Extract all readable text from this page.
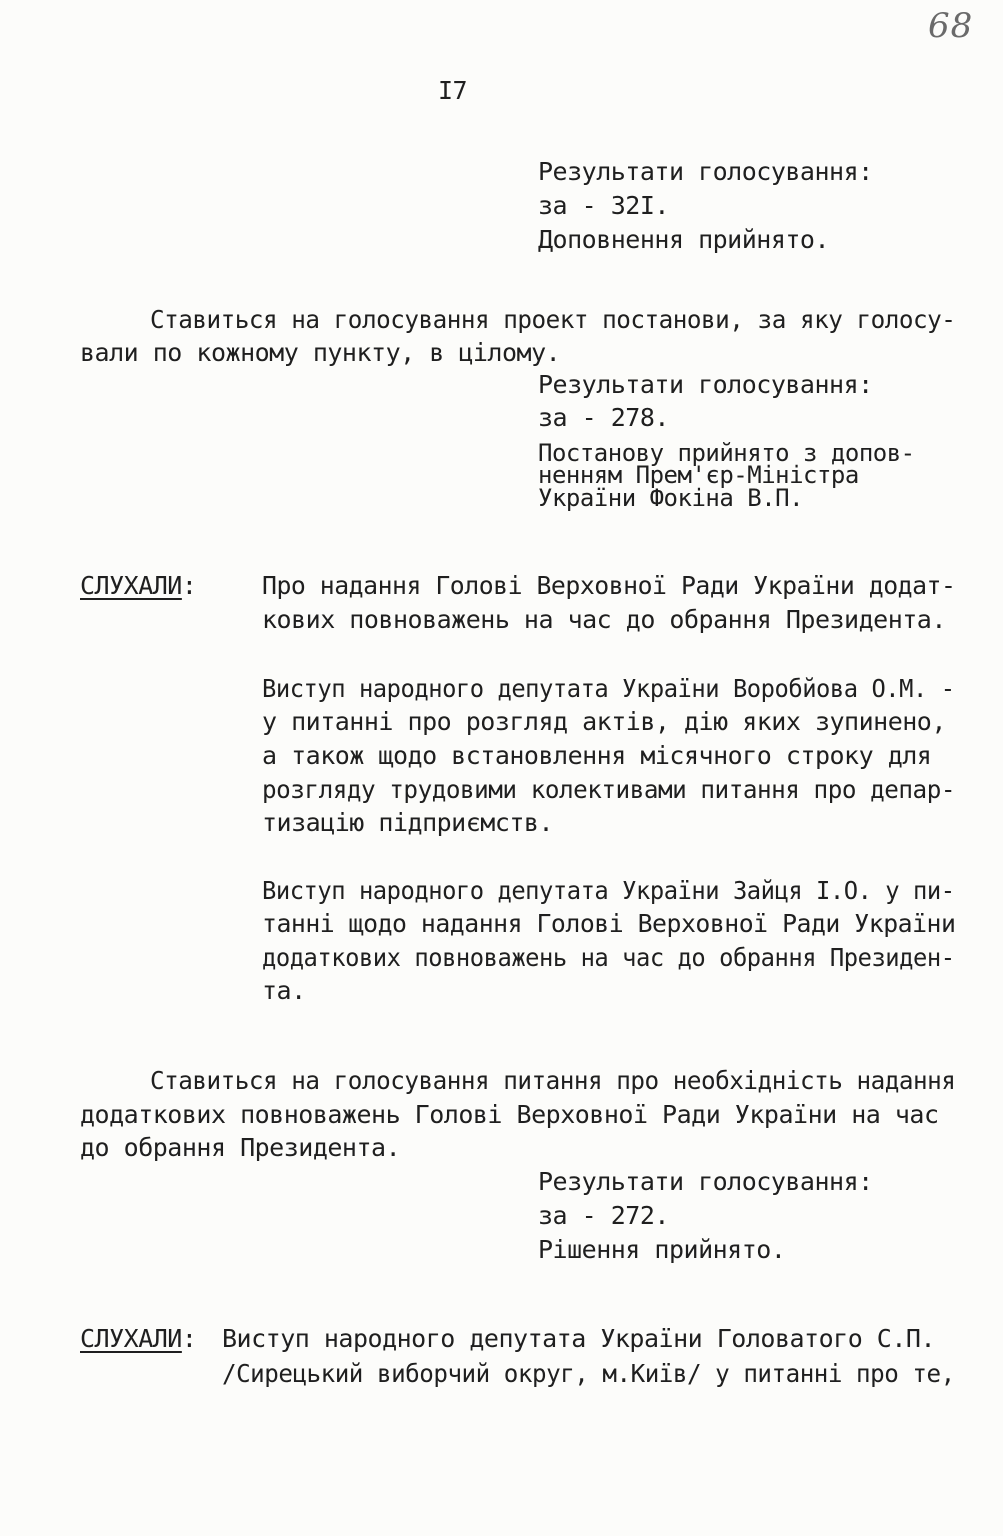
68
I7
Результати голосування:
за - 32I.
Доповнення прийнято.
Ставиться на голосування проект постанови, за яку голосу-
вали по кожному пункту, в цілому.
Результати голосування:
за - 278.
Постанову прийнято з допов-
ненням Прем'єр-Міністра
України Фокіна В.П.
СЛУХАЛИ:	Про надання Голові Верховної Ради України додат-
кових повноважень на час до обрання Президента.
Виступ народного депутата України Воробйова О.М. -
у питанні про розгляд актів, дію яких зупинено,
а також щодо встановлення місячного строку для
розгляду трудовими колективами питання про депар-
тизацію підприємств.
Виступ народного депутата України Зайця І.О. у пи-
танні щодо надання Голові Верховної Ради України
додаткових повноважень на час до обрання Президен-
та.
Ставиться на голосування питання про необхідність надання
додаткових повноважень Голові Верховної Ради України на час
до обрання Президента.
Результати голосування:
за - 272.
Рішення прийнято.
СЛУХАЛИ: Виступ народного депутата України Головатого С.П.
/Сирецький виборчий округ, м.Київ/ у питанні про те,
